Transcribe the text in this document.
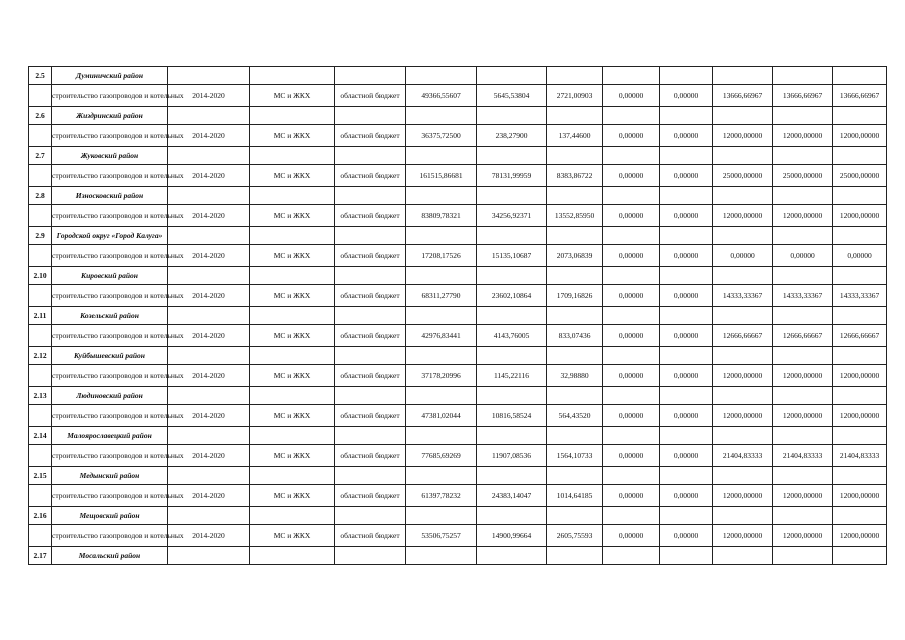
2.5	Думиничский район											
	строительство газопроводов и котельных	2014-2020	МС и ЖКХ	областной бюджет	49366,55607	5645,53804	2721,00903	0,00000	0,00000	13666,66967	13666,66967	13666,66967
2.6	Жиздринский район											
	строительство газопроводов и котельных	2014-2020	МС и ЖКХ	областной бюджет	36375,72500	238,27900	137,44600	0,00000	0,00000	12000,00000	12000,00000	12000,00000
2.7	Жуковский район											
	строительство газопроводов и котельных	2014-2020	МС и ЖКХ	областной бюджет	161515,86681	78131,99959	8383,86722	0,00000	0,00000	25000,00000	25000,00000	25000,00000
2.8	Износковский район											
	строительство газопроводов и котельных	2014-2020	МС и ЖКХ	областной бюджет	83809,78321	34256,92371	13552,85950	0,00000	0,00000	12000,00000	12000,00000	12000,00000
2.9	Городской округ «Город Калуга»											
	строительство газопроводов и котельных	2014-2020	МС и ЖКХ	областной бюджет	17208,17526	15135,10687	2073,06839	0,00000	0,00000	0,00000	0,00000	0,00000
2.10	Кировский район											
	строительство газопроводов и котельных	2014-2020	МС и ЖКХ	областной бюджет	68311,27790	23602,10864	1709,16826	0,00000	0,00000	14333,33367	14333,33367	14333,33367
2.11	Козельский район											
	строительство газопроводов и котельных	2014-2020	МС и ЖКХ	областной бюджет	42976,83441	4143,76005	833,07436	0,00000	0,00000	12666,66667	12666,66667	12666,66667
2.12	Куйбышевский район											
	строительство газопроводов и котельных	2014-2020	МС и ЖКХ	областной бюджет	37178,20996	1145,22116	32,98880	0,00000	0,00000	12000,00000	12000,00000	12000,00000
2.13	Людиновский район											
	строительство газопроводов и котельных	2014-2020	МС и ЖКХ	областной бюджет	47381,02044	10816,58524	564,43520	0,00000	0,00000	12000,00000	12000,00000	12000,00000
2.14	Малоярославецкий район											
	строительство газопроводов и котельных	2014-2020	МС и ЖКХ	областной бюджет	77685,69269	11907,08536	1564,10733	0,00000	0,00000	21404,83333	21404,83333	21404,83333
2.15	Медынский район											
	строительство газопроводов и котельных	2014-2020	МС и ЖКХ	областной бюджет	61397,78232	24383,14047	1014,64185	0,00000	0,00000	12000,00000	12000,00000	12000,00000
2.16	Мещовский район											
	строительство газопроводов и котельных	2014-2020	МС и ЖКХ	областной бюджет	53506,75257	14900,99664	2605,75593	0,00000	0,00000	12000,00000	12000,00000	12000,00000
2.17	Мосальский район											
